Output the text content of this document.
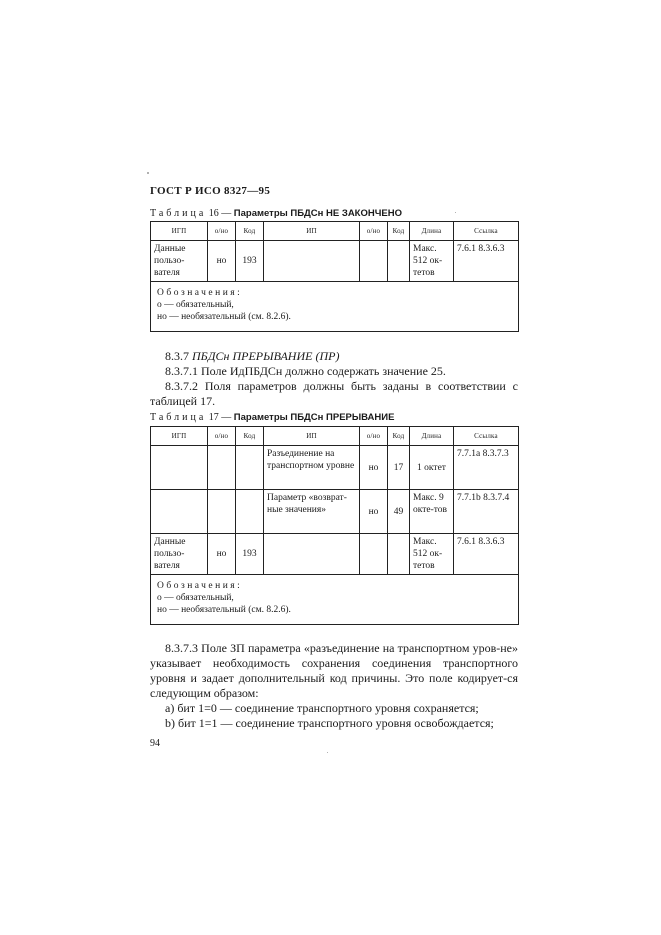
ГОСТ Р ИСО 8327—95
Таблица 16 — Параметры ПБДСн НЕ ЗАКОНЧЕНО
ИГП	о/но	Код	ИП	о/но	Код	Длина	Ссылка
Данные пользо-вателя	но	193				Макс. 512 ок-тетов	7.6.1 8.3.6.3

Обозначения:
о — обязательный,
но — необязательный (см. 8.2.6).							

8.3.7 ПБДСн ПРЕРЫВАНИЕ (ПР)

8.3.7.1 Поле ИдПБДСн должно содержать значение 25.

8.3.7.2 Поля параметров должны быть заданы в соответствии с таблицей 17.

Таблица 17 — Параметры ПБДСн ПРЕРЫВАНИЕ
ИГП	о/но	Код	ИП	о/но	Код	Длина	Ссылка
			Разъединение на транспортном уровне	но	17	1 октет	7.7.1a 8.3.7.3
			Параметр «возврат-ные значения»	но	49	Макс. 9 окте-тов	7.7.1b 8.3.7.4
Данные пользо-вателя	но	193				Макс. 512 ок-тетов	7.6.1 8.3.6.3

Обозначения:
о — обязательный,
но — необязательный (см. 8.2.6).							

8.3.7.3 Поле ЗП параметра «разъединение на транспортном уров-не» указывает необходимость сохранения соединения транспортного уровня и задает дополнительный код причины. Это поле кодирует-ся следующим образом:

а) бит 1=0 — соединение транспортного уровня сохраняется;

b) бит 1=1 — соединение транспортного уровня освобождается;

94
